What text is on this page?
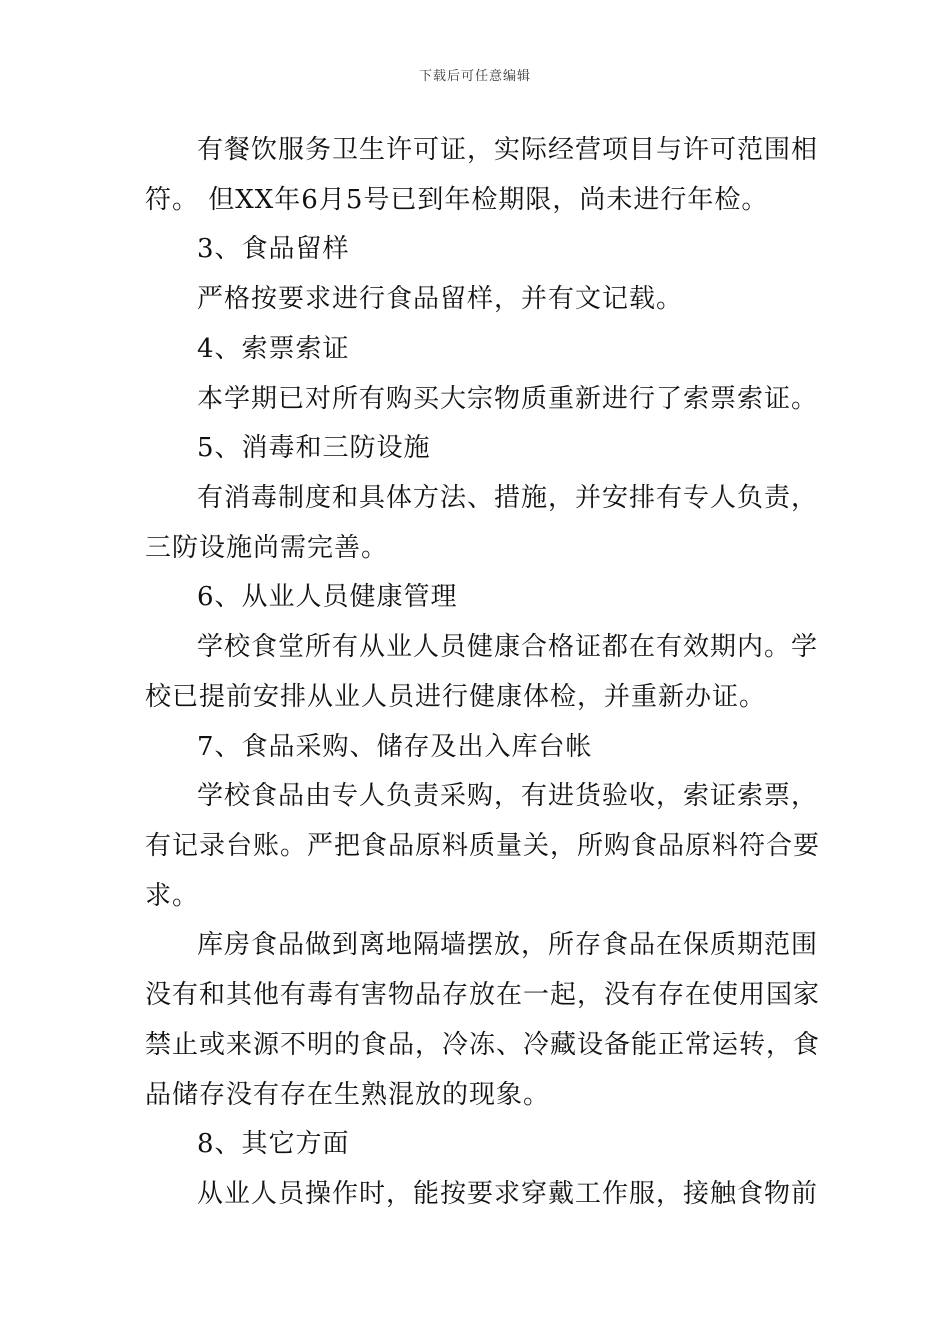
下载后可任意编辑
有餐饮服务卫生许可证，实际经营项目与许可范围相
符。 但XX年6月5号已到年检期限，尚未进行年检。
3、食品留样
严格按要求进行食品留样，并有文记载。
4、索票索证
本学期已对所有购买大宗物质重新进行了索票索证。
5、消毒和三防设施
有消毒制度和具体方法、措施，并安排有专人负责，
三防设施尚需完善。
6、从业人员健康管理
学校食堂所有从业人员健康合格证都在有效期内。学
校已提前安排从业人员进行健康体检，并重新办证。
7、食品采购、储存及出入库台帐
学校食品由专人负责采购，有进货验收，索证索票，
有记录台账。严把食品原料质量关，所购食品原料符合要
求。
库房食品做到离地隔墙摆放，所存食品在保质期范围
没有和其他有毒有害物品存放在一起，没有存在使用国家
禁止或来源不明的食品，冷冻、冷藏设备能正常运转，食
品储存没有存在生熟混放的现象。
8、其它方面
从业人员操作时，能按要求穿戴工作服，接触食物前
